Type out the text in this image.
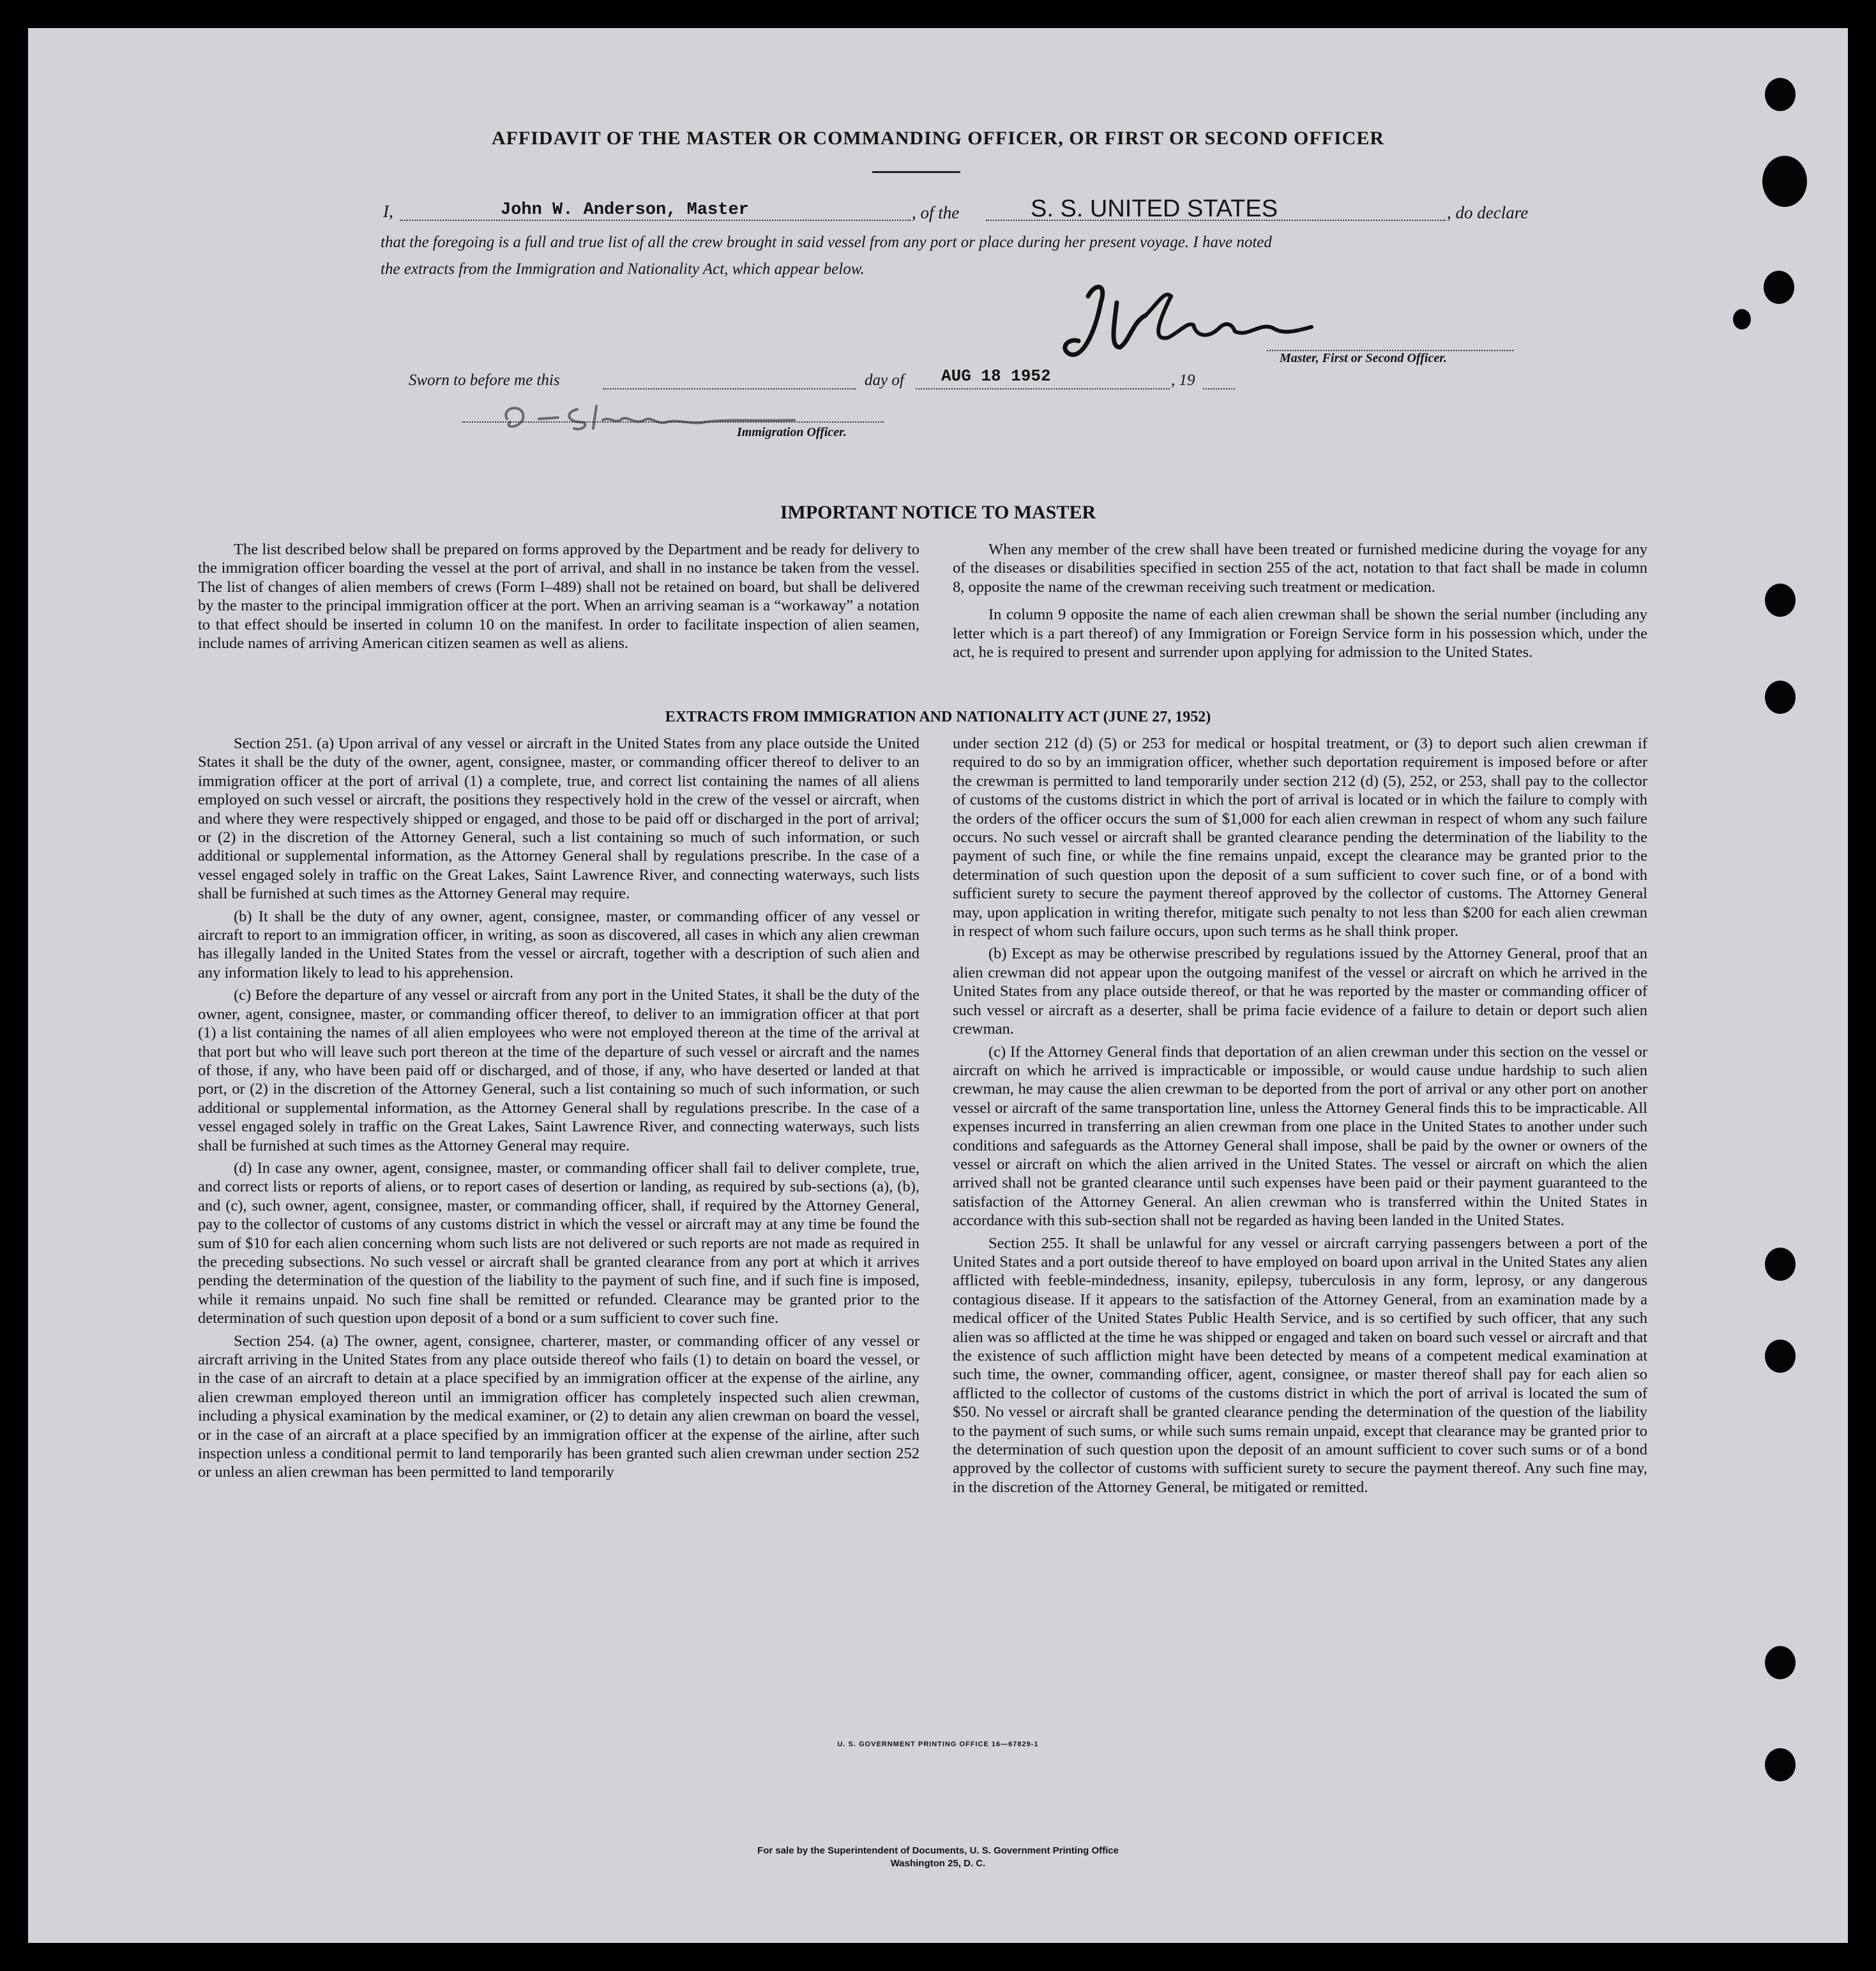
AFFIDAVIT OF THE MASTER OR COMMANDING OFFICER, OR FIRST OR SECOND OFFICER
I,	John W. Anderson, Master	, of the	S. S. UNITED STATES	, do declare
that the foregoing is a full and true list of all the crew brought in said vessel from any port or place during her present voyage. I have noted
the extracts from the Immigration and Nationality Act, which appear below.
Master, First or Second Officer.
Sworn to before me this	day of AUG 18 1952	, 19
Immigration Officer.
IMPORTANT NOTICE TO MASTER

The list described below shall be prepared on forms approved by the Department and be ready for delivery to the immigration officer boarding the vessel at the port of arrival, and shall in no instance be taken from the vessel. The list of changes of alien members of crews (Form I–489) shall not be retained on board, but shall be delivered by the master to the principal immigration officer at the port. When an arriving seaman is a “workaway” a notation to that effect should be inserted in column 10 on the manifest. In order to facilitate inspection of alien seamen, include names of arriving American citizen seamen as well as aliens.

When any member of the crew shall have been treated or furnished medicine during the voyage for any of the diseases or disabilities specified in section 255 of the act, notation to that fact shall be made in column 8, opposite the name of the crewman receiving such treatment or medication.

In column 9 opposite the name of each alien crewman shall be shown the serial number (including any letter which is a part thereof) of any Immigration or Foreign Service form in his possession which, under the act, he is required to present and surrender upon applying for admission to the United States.

EXTRACTS FROM IMMIGRATION AND NATIONALITY ACT (JUNE 27, 1952)

Section 251. (a) Upon arrival of any vessel or aircraft in the United States from any place outside the United States it shall be the duty of the owner, agent, consignee, master, or commanding officer thereof to deliver to an immigration officer at the port of arrival (1) a complete, true, and correct list containing the names of all aliens employed on such vessel or aircraft, the positions they respectively hold in the crew of the vessel or aircraft, when and where they were respectively shipped or engaged, and those to be paid off or discharged in the port of arrival; or (2) in the discretion of the Attorney General, such a list containing so much of such information, or such additional or supplemental information, as the Attorney General shall by regulations prescribe. In the case of a vessel engaged solely in traffic on the Great Lakes, Saint Lawrence River, and connecting waterways, such lists shall be furnished at such times as the Attorney General may require.

(b) It shall be the duty of any owner, agent, consignee, master, or commanding officer of any vessel or aircraft to report to an immigration officer, in writing, as soon as discovered, all cases in which any alien crewman has illegally landed in the United States from the vessel or aircraft, together with a description of such alien and any information likely to lead to his apprehension.

(c) Before the departure of any vessel or aircraft from any port in the United States, it shall be the duty of the owner, agent, consignee, master, or commanding officer thereof, to deliver to an immigration officer at that port (1) a list containing the names of all alien employees who were not employed thereon at the time of the arrival at that port but who will leave such port thereon at the time of the departure of such vessel or aircraft and the names of those, if any, who have been paid off or discharged, and of those, if any, who have deserted or landed at that port, or (2) in the discretion of the Attorney General, such a list containing so much of such information, or such additional or supplemental information, as the Attorney General shall by regulations prescribe. In the case of a vessel engaged solely in traffic on the Great Lakes, Saint Lawrence River, and connecting waterways, such lists shall be furnished at such times as the Attorney General may require.

(d) In case any owner, agent, consignee, master, or commanding officer shall fail to deliver complete, true, and correct lists or reports of aliens, or to report cases of desertion or landing, as required by sub-sections (a), (b), and (c), such owner, agent, consignee, master, or commanding officer, shall, if required by the Attorney General, pay to the collector of customs of any customs district in which the vessel or aircraft may at any time be found the sum of $10 for each alien concerning whom such lists are not delivered or such reports are not made as required in the preceding subsections. No such vessel or aircraft shall be granted clearance from any port at which it arrives pending the determination of the question of the liability to the payment of such fine, and if such fine is imposed, while it remains unpaid. No such fine shall be remitted or refunded. Clearance may be granted prior to the determination of such question upon deposit of a bond or a sum sufficient to cover such fine.

Section 254. (a) The owner, agent, consignee, charterer, master, or commanding officer of any vessel or aircraft arriving in the United States from any place outside thereof who fails (1) to detain on board the vessel, or in the case of an aircraft to detain at a place specified by an immigration officer at the expense of the airline, any alien crewman employed thereon until an immigration officer has completely inspected such alien crewman, including a physical examination by the medical examiner, or (2) to detain any alien crewman on board the vessel, or in the case of an aircraft at a place specified by an immigration officer at the expense of the airline, after such inspection unless a conditional permit to land temporarily has been granted such alien crewman under section 252 or unless an alien crewman has been permitted to land temporarily

under section 212 (d) (5) or 253 for medical or hospital treatment, or (3) to deport such alien crewman if required to do so by an immigration officer, whether such deportation requirement is imposed before or after the crewman is permitted to land temporarily under section 212 (d) (5), 252, or 253, shall pay to the collector of customs of the customs district in which the port of arrival is located or in which the failure to comply with the orders of the officer occurs the sum of $1,000 for each alien crewman in respect of whom any such failure occurs. No such vessel or aircraft shall be granted clearance pending the determination of the liability to the payment of such fine, or while the fine remains unpaid, except the clearance may be granted prior to the determination of such question upon the deposit of a sum sufficient to cover such fine, or of a bond with sufficient surety to secure the payment thereof approved by the collector of customs. The Attorney General may, upon application in writing therefor, mitigate such penalty to not less than $200 for each alien crewman in respect of whom such failure occurs, upon such terms as he shall think proper.

(b) Except as may be otherwise prescribed by regulations issued by the Attorney General, proof that an alien crewman did not appear upon the outgoing manifest of the vessel or aircraft on which he arrived in the United States from any place outside thereof, or that he was reported by the master or commanding officer of such vessel or aircraft as a deserter, shall be prima facie evidence of a failure to detain or deport such alien crewman.

(c) If the Attorney General finds that deportation of an alien crewman under this section on the vessel or aircraft on which he arrived is impracticable or impossible, or would cause undue hardship to such alien crewman, he may cause the alien crewman to be deported from the port of arrival or any other port on another vessel or aircraft of the same transportation line, unless the Attorney General finds this to be impracticable. All expenses incurred in transferring an alien crewman from one place in the United States to another under such conditions and safeguards as the Attorney General shall impose, shall be paid by the owner or owners of the vessel or aircraft on which the alien arrived in the United States. The vessel or aircraft on which the alien arrived shall not be granted clearance until such expenses have been paid or their payment guaranteed to the satisfaction of the Attorney General. An alien crewman who is transferred within the United States in accordance with this sub-section shall not be regarded as having been landed in the United States.

Section 255. It shall be unlawful for any vessel or aircraft carrying passengers between a port of the United States and a port outside thereof to have employed on board upon arrival in the United States any alien afflicted with feeble-mindedness, insanity, epilepsy, tuberculosis in any form, leprosy, or any dangerous contagious disease. If it appears to the satisfaction of the Attorney General, from an examination made by a medical officer of the United States Public Health Service, and is so certified by such officer, that any such alien was so afflicted at the time he was shipped or engaged and taken on board such vessel or aircraft and that the existence of such affliction might have been detected by means of a competent medical examination at such time, the owner, commanding officer, agent, consignee, or master thereof shall pay for each alien so afflicted to the collector of customs of the customs district in which the port of arrival is located the sum of $50. No vessel or aircraft shall be granted clearance pending the determination of the question of the liability to the payment of such sums, or while such sums remain unpaid, except that clearance may be granted prior to the determination of such question upon the deposit of an amount sufficient to cover such sums or of a bond approved by the collector of customs with sufficient surety to secure the payment thereof. Any such fine may, in the discretion of the Attorney General, be mitigated or remitted.

U. S. GOVERNMENT PRINTING OFFICE 16—67829-1
For sale by the Superintendent of Documents, U. S. Government Printing Office
Washington 25, D. C.
